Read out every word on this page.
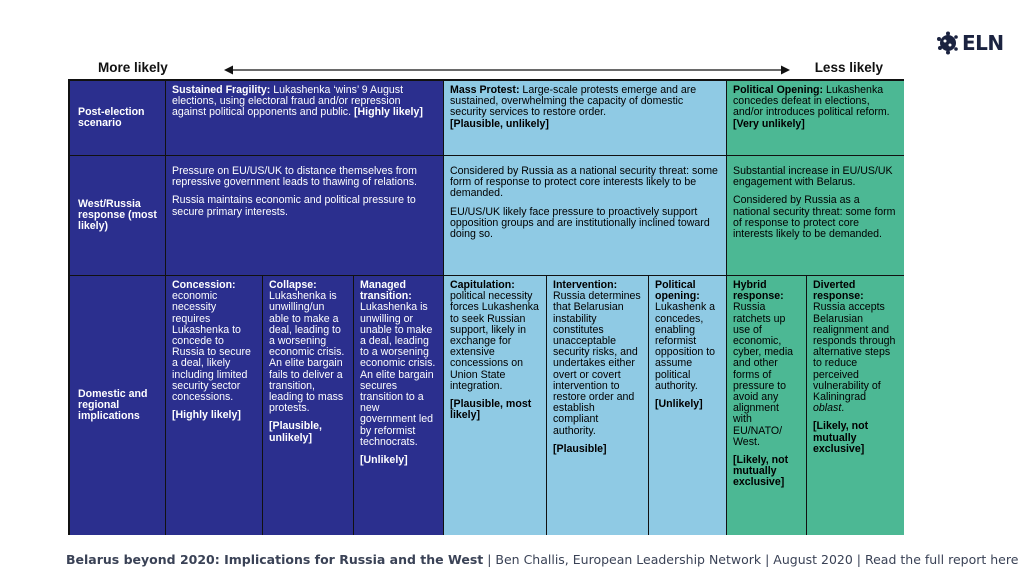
ELN
More likely	Less likely
Post-election scenario
West/Russia response (most likely)
Domestic and regional implications
Sustained Fragility: Lukashenka ‘wins’ 9 August elections, using electoral fraud and/or repression against political opponents and public. [Highly likely]
Mass Protest: Large-scale protests emerge and are sustained, overwhelming the capacity of domestic security services to restore order.
[Plausible, unlikely]
Political Opening: Lukashenka concedes defeat in elections, and/or introduces political reform.
[Very unlikely]

Pressure on EU/US/UK to distance themselves from repressive government leads to thawing of relations.

Russia maintains economic and political pressure to secure primary interests.

Considered by Russia as a national security threat: some form of response to protect core interests likely to be demanded.

EU/US/UK likely face pressure to proactively support opposition groups and are institutionally inclined toward doing so.

Substantial increase in EU/US/UK engagement with Belarus.

Considered by Russia as a national security threat: some form of response to protect core interests likely to be demanded.

Concession:
economic necessity requires Lukashenka to concede to Russia to secure a deal, likely including limited security sector concessions.

[Highly likely]

Collapse:
Lukashenka is unwilling/un able to make a deal, leading to a worsening economic crisis. An elite bargain fails to deliver a transition, leading to mass protests.

[Plausible, unlikely]

Managed transition:
Lukashenka is unwilling or unable to make a deal, leading to a worsening economic crisis. An elite bargain secures transition to a new government led by reformist technocrats.

[Unlikely]

Capitulation:
political necessity forces Lukashenka to seek Russian support, likely in exchange for extensive concessions on Union State integration.

[Plausible, most likely]

Intervention:
Russia determines that Belarusian instability constitutes unacceptable security risks, and undertakes either overt or covert intervention to restore order and establish compliant authority.

[Plausible]

Political opening:
Lukashenk a concedes, enabling reformist opposition to assume political authority.

[Unlikely]

Hybrid response:
Russia ratchets up use of economic, cyber, media and other forms of pressure to avoid any alignment with EU/NATO/ West.

[Likely, not mutually exclusive]

Diverted response:
Russia accepts Belarusian realignment and responds through alternative steps to reduce perceived vulnerability of Kaliningrad oblast.

[Likely, not mutually exclusive]

Belarus beyond 2020: Implications for Russia and the West | Ben Challis, European Leadership Network | August 2020 | Read the full report here
